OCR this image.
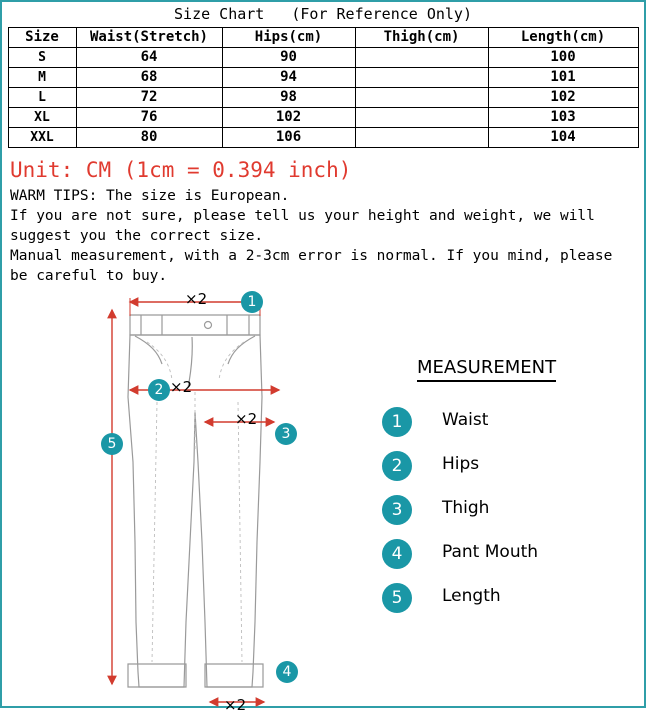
Size Chart (For Reference Only)
Size	Waist(Stretch)	Hips(cm)	Thigh(cm)	Length(cm)
S	64	90		100
M	68	94		101
L	72	98		102
XL	76	102		103
XXL	80	106		104
Unit: CM (1cm = 0.394 inch)

WARM TIPS: The size is European.

If you are not sure, please tell us your height and weight, we will

suggest you the correct size.

Manual measurement, with a 2-3cm error is normal. If you mind, please

be careful to buy.

1
2
3
5
4
×2
×2
×2
×2
MEASUREMENT
1	Waist
2	Hips
3	Thigh
4	Pant Mouth
5	Length
